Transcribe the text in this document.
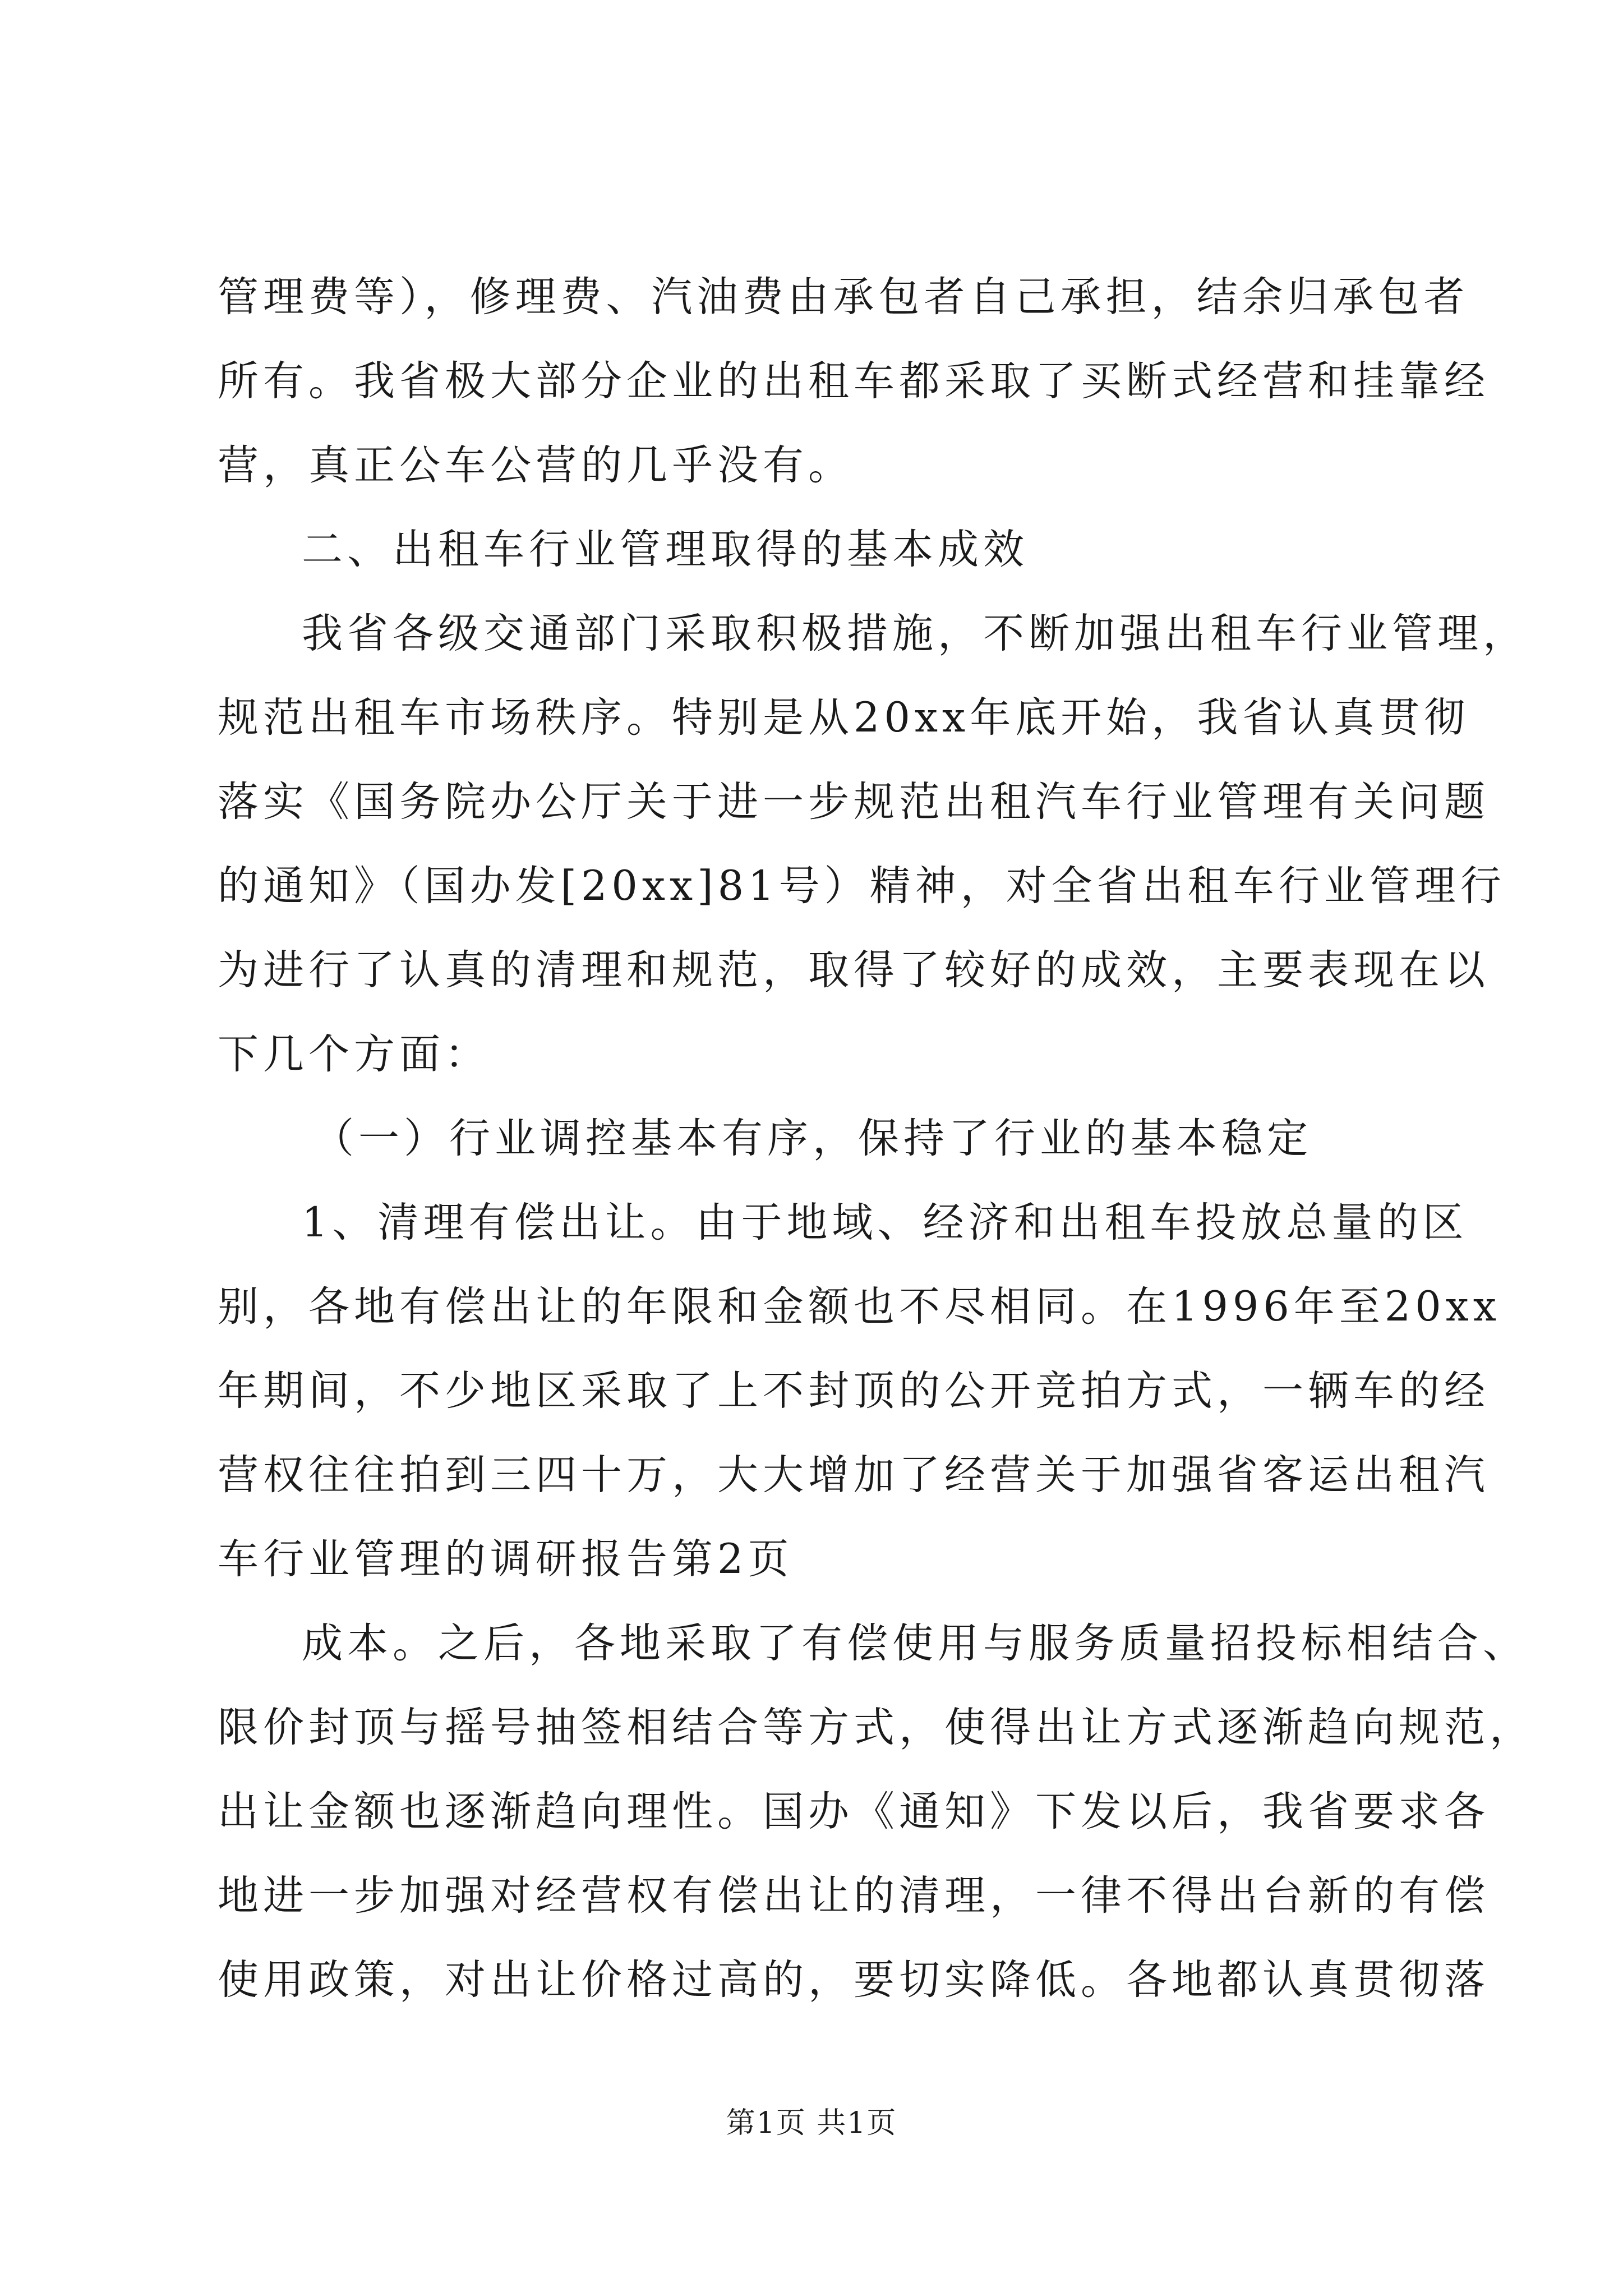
管理费等），修理费、汽油费由承包者自己承担，结余归承包者
所有。我省极大部分企业的出租车都采取了买断式经营和挂靠经
营，真正公车公营的几乎没有。
二、出租车行业管理取得的基本成效
我省各级交通部门采取积极措施，不断加强出租车行业管理，
规范出租车市场秩序。特别是从20xx年底开始，我省认真贯彻
落实《国务院办公厅关于进一步规范出租汽车行业管理有关问题
的通知》（国办发[20xx]81号）精神，对全省出租车行业管理行
为进行了认真的清理和规范，取得了较好的成效，主要表现在以
下几个方面：
（一）行业调控基本有序，保持了行业的基本稳定
1、清理有偿出让。由于地域、经济和出租车投放总量的区
别，各地有偿出让的年限和金额也不尽相同。在1996年至20xx
年期间，不少地区采取了上不封顶的公开竞拍方式，一辆车的经
营权往往拍到三四十万，大大增加了经营关于加强省客运出租汽
车行业管理的调研报告第2页
成本。之后，各地采取了有偿使用与服务质量招投标相结合、
限价封顶与摇号抽签相结合等方式，使得出让方式逐渐趋向规范，
出让金额也逐渐趋向理性。国办《通知》下发以后，我省要求各
地进一步加强对经营权有偿出让的清理，一律不得出台新的有偿
使用政策，对出让价格过高的，要切实降低。各地都认真贯彻落
第1页 共1页
